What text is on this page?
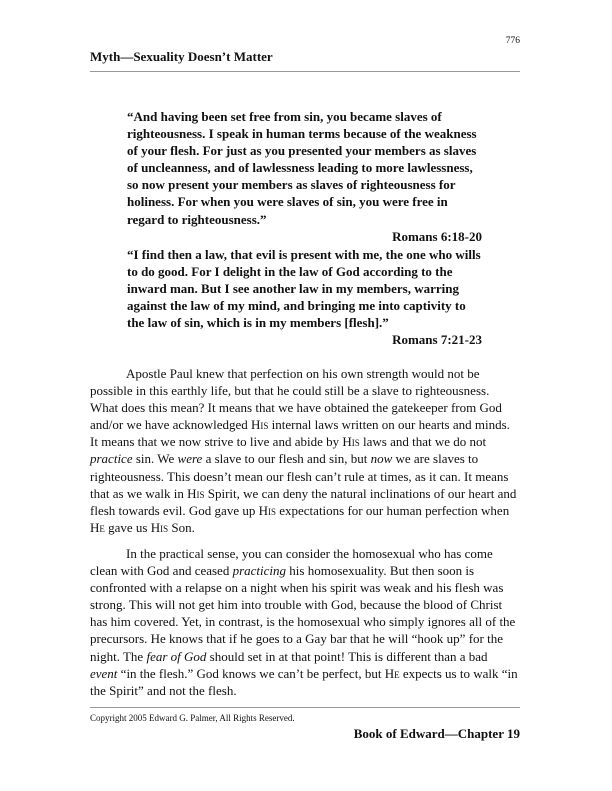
776
Myth—Sexuality Doesn’t Matter
“And having been set free from sin, you became slaves of righteousness. I speak in human terms because of the weakness of your flesh. For just as you presented your members as slaves of uncleanness, and of lawlessness leading to more lawlessness, so now present your members as slaves of righteousness for holiness. For when you were slaves of sin, you were free in regard to righteousness.”
Romans 6:18-20
“I find then a law, that evil is present with me, the one who wills to do good. For I delight in the law of God according to the inward man. But I see another law in my members, warring against the law of my mind, and bringing me into captivity to the law of sin, which is in my members [flesh].”
Romans 7:21-23

Apostle Paul knew that perfection on his own strength would not be possible in this earthly life, but that he could still be a slave to righteousness. What does this mean? It means that we have obtained the gatekeeper from God and/or we have acknowledged His internal laws written on our hearts and minds. It means that we now strive to live and abide by His laws and that we do not practice sin. We were a slave to our flesh and sin, but now we are slaves to righteousness. This doesn’t mean our flesh can’t rule at times, as it can. It means that as we walk in His Spirit, we can deny the natural inclinations of our heart and flesh towards evil. God gave up His expectations for our human perfection when He gave us His Son.

In the practical sense, you can consider the homosexual who has come clean with God and ceased practicing his homosexuality. But then soon is confronted with a relapse on a night when his spirit was weak and his flesh was strong. This will not get him into trouble with God, because the blood of Christ has him covered. Yet, in contrast, is the homosexual who simply ignores all of the precursors. He knows that if he goes to a Gay bar that he will “hook up” for the night. The fear of God should set in at that point! This is different than a bad event “in the flesh.” God knows we can’t be perfect, but He expects us to walk “in the Spirit” and not the flesh.

Copyright 2005 Edward G. Palmer, All Rights Reserved.
Book of Edward—Chapter 19
